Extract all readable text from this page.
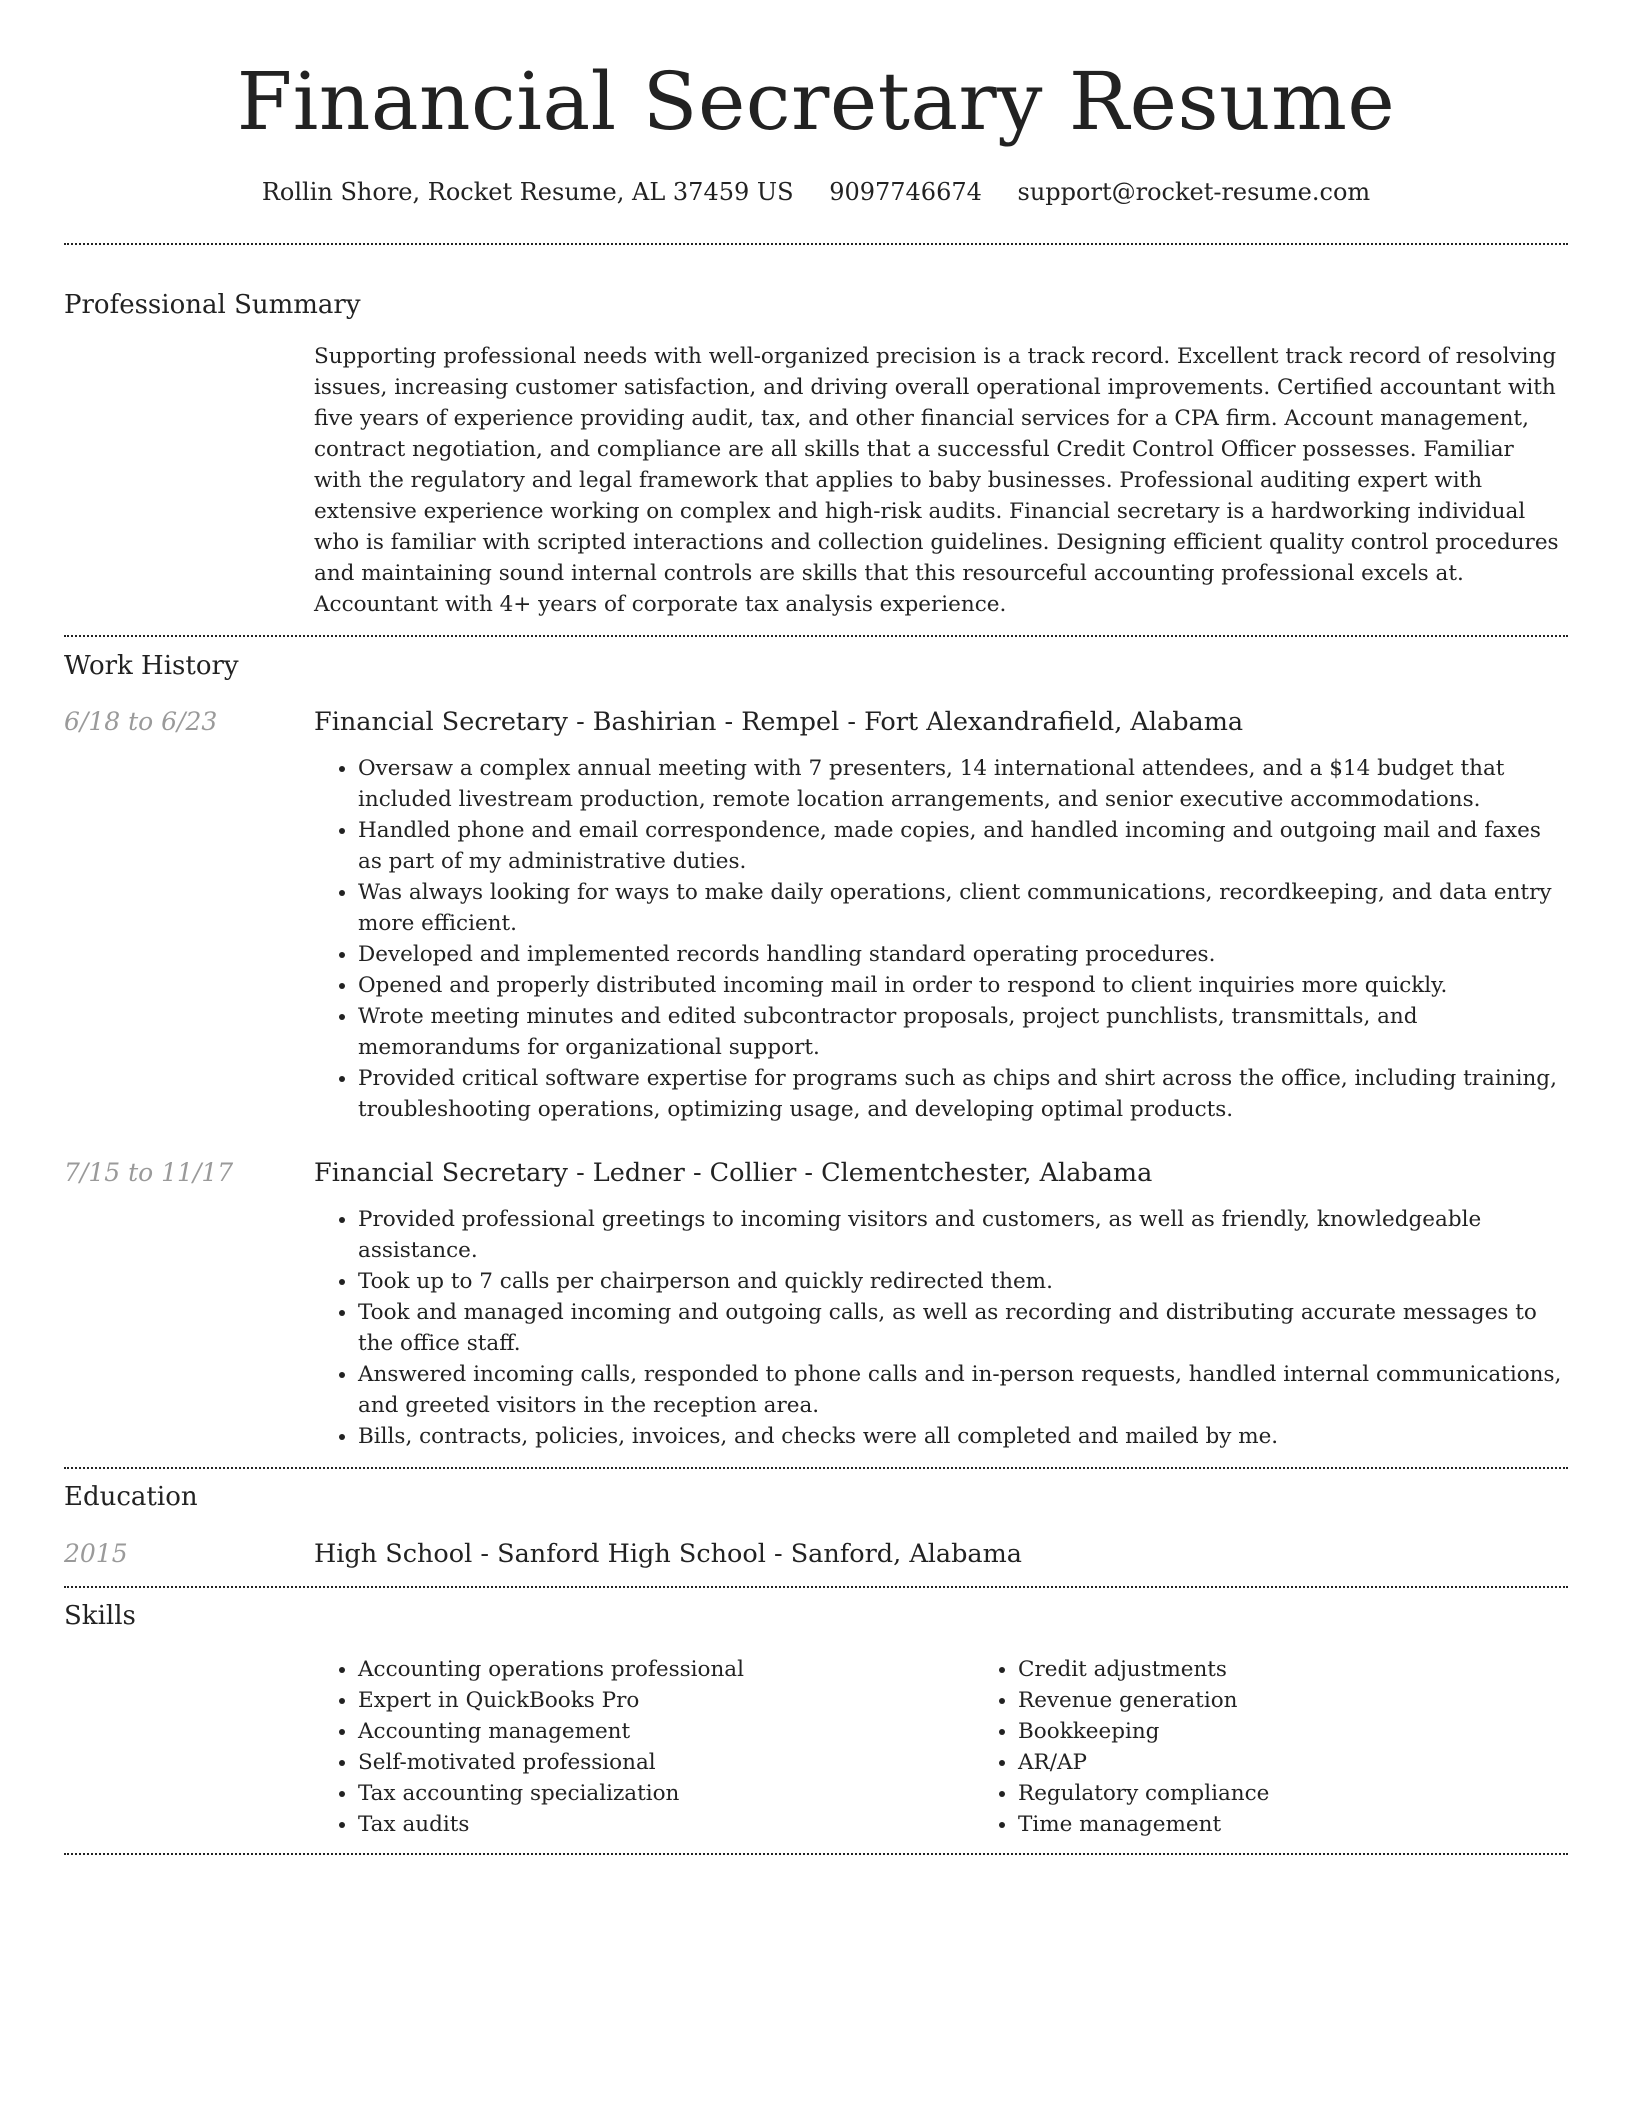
Financial Secretary Resume
Rollin Shore, Rocket Resume, AL 37459 US 9097746674 support@rocket-resume.com
Professional Summary

Supporting professional needs with well-organized precision is a track record. Excellent track record of resolving issues, increasing customer satisfaction, and driving overall operational improvements. Certified accountant with five years of experience providing audit, tax, and other financial services for a CPA firm. Account management, contract negotiation, and compliance are all skills that a successful Credit Control Officer possesses. Familiar with the regulatory and legal framework that applies to baby businesses. Professional auditing expert with extensive experience working on complex and high-risk audits. Financial secretary is a hardworking individual who is familiar with scripted interactions and collection guidelines. Designing efficient quality control procedures and maintaining sound internal controls are skills that this resourceful accounting professional excels at. Accountant with 4+ years of corporate tax analysis experience.

Work History
6/18 to 6/23	Financial Secretary - Bashirian - Rempel - Fort Alexandrafield, Alabama
• Oversaw a complex annual meeting with 7 presenters, 14 international attendees, and a $14 budget that included livestream production, remote location arrangements, and senior executive accommodations.
• Handled phone and email correspondence, made copies, and handled incoming and outgoing mail and faxes as part of my administrative duties.
• Was always looking for ways to make daily operations, client communications, recordkeeping, and data entry more efficient.
• Developed and implemented records handling standard operating procedures.
• Opened and properly distributed incoming mail in order to respond to client inquiries more quickly.
• Wrote meeting minutes and edited subcontractor proposals, project punchlists, transmittals, and memorandums for organizational support.
• Provided critical software expertise for programs such as chips and shirt across the office, including training, troubleshooting operations, optimizing usage, and developing optimal products.
7/15 to 11/17	Financial Secretary - Ledner - Collier - Clementchester, Alabama
• Provided professional greetings to incoming visitors and customers, as well as friendly, knowledgeable assistance.
• Took up to 7 calls per chairperson and quickly redirected them.
• Took and managed incoming and outgoing calls, as well as recording and distributing accurate messages to the office staff.
• Answered incoming calls, responded to phone calls and in-person requests, handled internal communications, and greeted visitors in the reception area.
• Bills, contracts, policies, invoices, and checks were all completed and mailed by me.
Education
2015	High School - Sanford High School - Sanford, Alabama
Skills
• Accounting operations professional
• Expert in QuickBooks Pro
• Accounting management
• Self-motivated professional
• Tax accounting specialization
• Tax audits
• Credit adjustments
• Revenue generation
• Bookkeeping
• AR/AP
• Regulatory compliance
• Time management
